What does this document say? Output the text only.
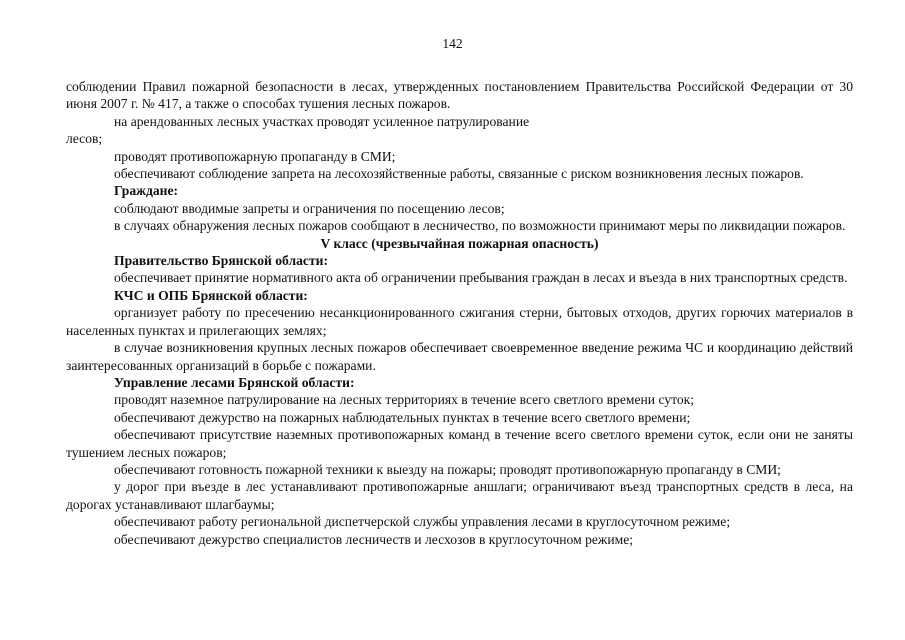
142

соблюдении Правил пожарной безопасности в лесах, утвержденных постановлением Правительства Российской Федерации от 30 июня 2007 г. № 417, а также о способах тушения лесных пожаров.

на арендованных лесных участках проводят усиленное патрулирование

лесов;

проводят противопожарную пропаганду в СМИ;

обеспечивают соблюдение запрета на лесохозяйственные работы, связанные с риском возникновения лесных пожаров.

Граждане:

соблюдают вводимые запреты и ограничения по посещению лесов;

в случаях обнаружения лесных пожаров сообщают в лесничество, по возможности принимают меры по ликвидации пожаров.

V класс (чрезвычайная пожарная опасность)

Правительство Брянской области:

обеспечивает принятие нормативного акта об ограничении пребывания граждан в лесах и въезда в них транспортных средств.

КЧС и ОПБ Брянской области:

организует работу по пресечению несанкционированного сжигания стерни, бытовых отходов, других горючих материалов в населенных пунктах и прилегающих землях;

в случае возникновения крупных лесных пожаров обеспечивает своевременное введение режима ЧС и координацию действий заинтересованных организаций в борьбе с пожарами.

Управление лесами Брянской области:

проводят наземное патрулирование на лесных территориях в течение всего светлого времени суток;

обеспечивают дежурство на пожарных наблюдательных пунктах в течение всего светлого времени;

обеспечивают присутствие наземных противопожарных команд в течение всего светлого времени суток, если они не заняты тушением лесных пожаров;

обеспечивают готовность пожарной техники к выезду на пожары; проводят противопожарную пропаганду в СМИ;

у дорог при въезде в лес устанавливают противопожарные аншлаги; ограничивают въезд транспортных средств в леса, на дорогах устанавливают шлагбаумы;

обеспечивают работу региональной диспетчерской службы управления лесами в круглосуточном режиме;

обеспечивают дежурство специалистов лесничеств и лесхозов в круглосуточном режиме;
